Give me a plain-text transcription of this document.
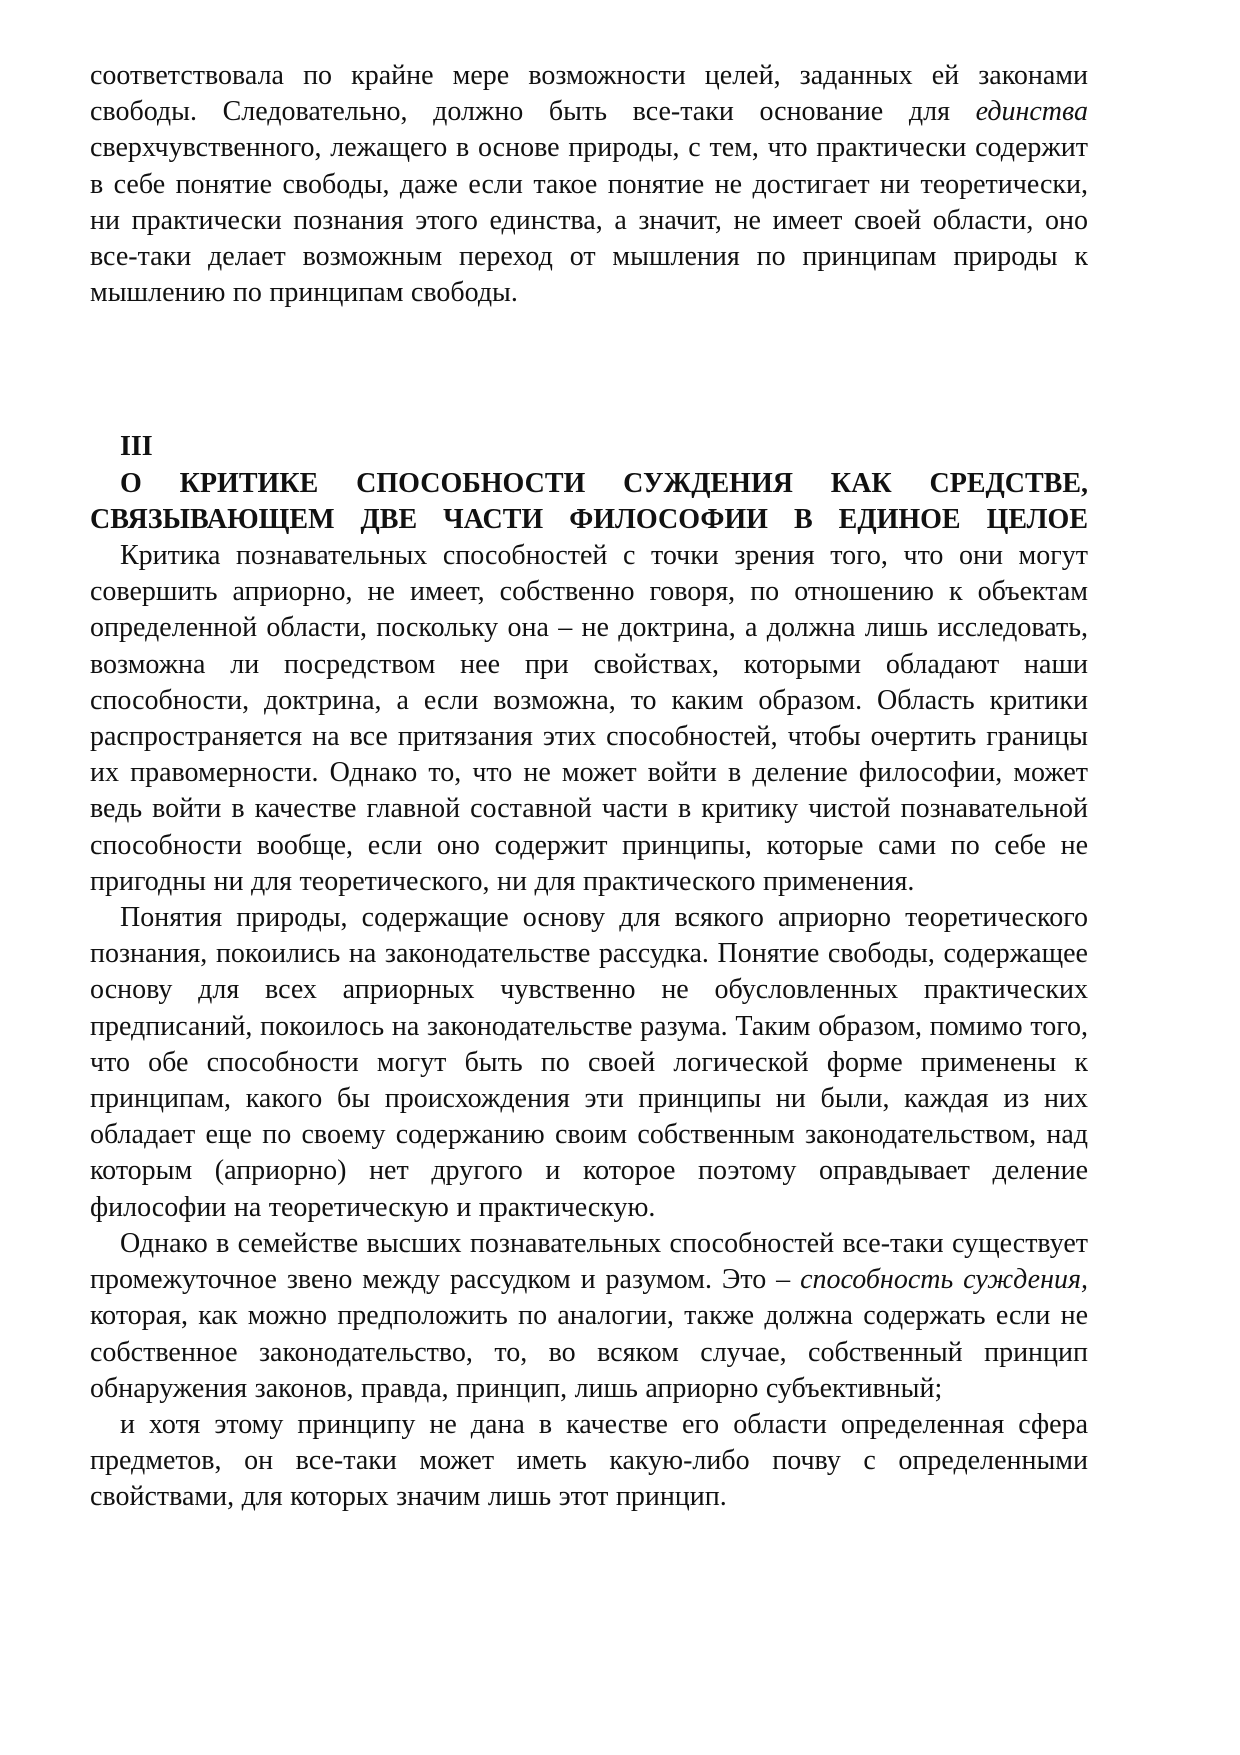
соответствовала по крайне мере возможности целей, заданных ей законами свободы. Следовательно, должно быть все-таки основание для единства сверхчувственного, лежащего в основе природы, с тем, что практически содержит в себе понятие свободы, даже если такое понятие не достигает ни теоретически, ни практически познания этого единства, а значит, не имеет своей области, оно все-таки делает возможным переход от мышления по принципам природы к мышлению по принципам свободы.

III

О КРИТИКЕ СПОСОБНОСТИ СУЖДЕНИЯ КАК СРЕДСТВЕ,

СВЯЗЫВАЮЩЕМ ДВЕ ЧАСТИ ФИЛОСОФИИ В ЕДИНОЕ ЦЕЛОЕ

Критика познавательных способностей с точки зрения того, что они могут совершить априорно, не имеет, собственно говоря, по отношению к объектам определенной области, поскольку она – не доктрина, а должна лишь исследовать, возможна ли посредством нее при свойствах, которыми обладают наши способности, доктрина, а если возможна, то каким образом. Область критики распространяется на все притязания этих способностей, чтобы очертить границы их правомерности. Однако то, что не может войти в деление философии, может ведь войти в качестве главной составной части в критику чистой познавательной способности вообще, если оно содержит принципы, которые сами по себе не пригодны ни для теоретического, ни для практического применения.

Понятия природы, содержащие основу для всякого априорно теоретического познания, покоились на законодательстве рассудка. Понятие свободы, содержащее основу для всех априорных чувственно не обусловленных практических предписаний, покоилось на законодательстве разума. Таким образом, помимо того, что обе способности могут быть по своей логической форме применены к принципам, какого бы происхождения эти принципы ни были, каждая из них обладает еще по своему содержанию своим собственным законодательством, над которым (априорно) нет другого и которое поэтому оправдывает деление философии на теоретическую и практическую.

Однако в семействе высших познавательных способностей все-таки существует промежуточное звено между рассудком и разумом. Это – способность суждения, которая, как можно предположить по аналогии, также должна содержать если не собственное законодательство, то, во всяком случае, собственный принцип обнаружения законов, правда, принцип, лишь априорно субъективный;

и хотя этому принципу не дана в качестве его области определенная сфера предметов, он все-таки может иметь какую-либо почву с определенными свойствами, для которых значим лишь этот принцип.
